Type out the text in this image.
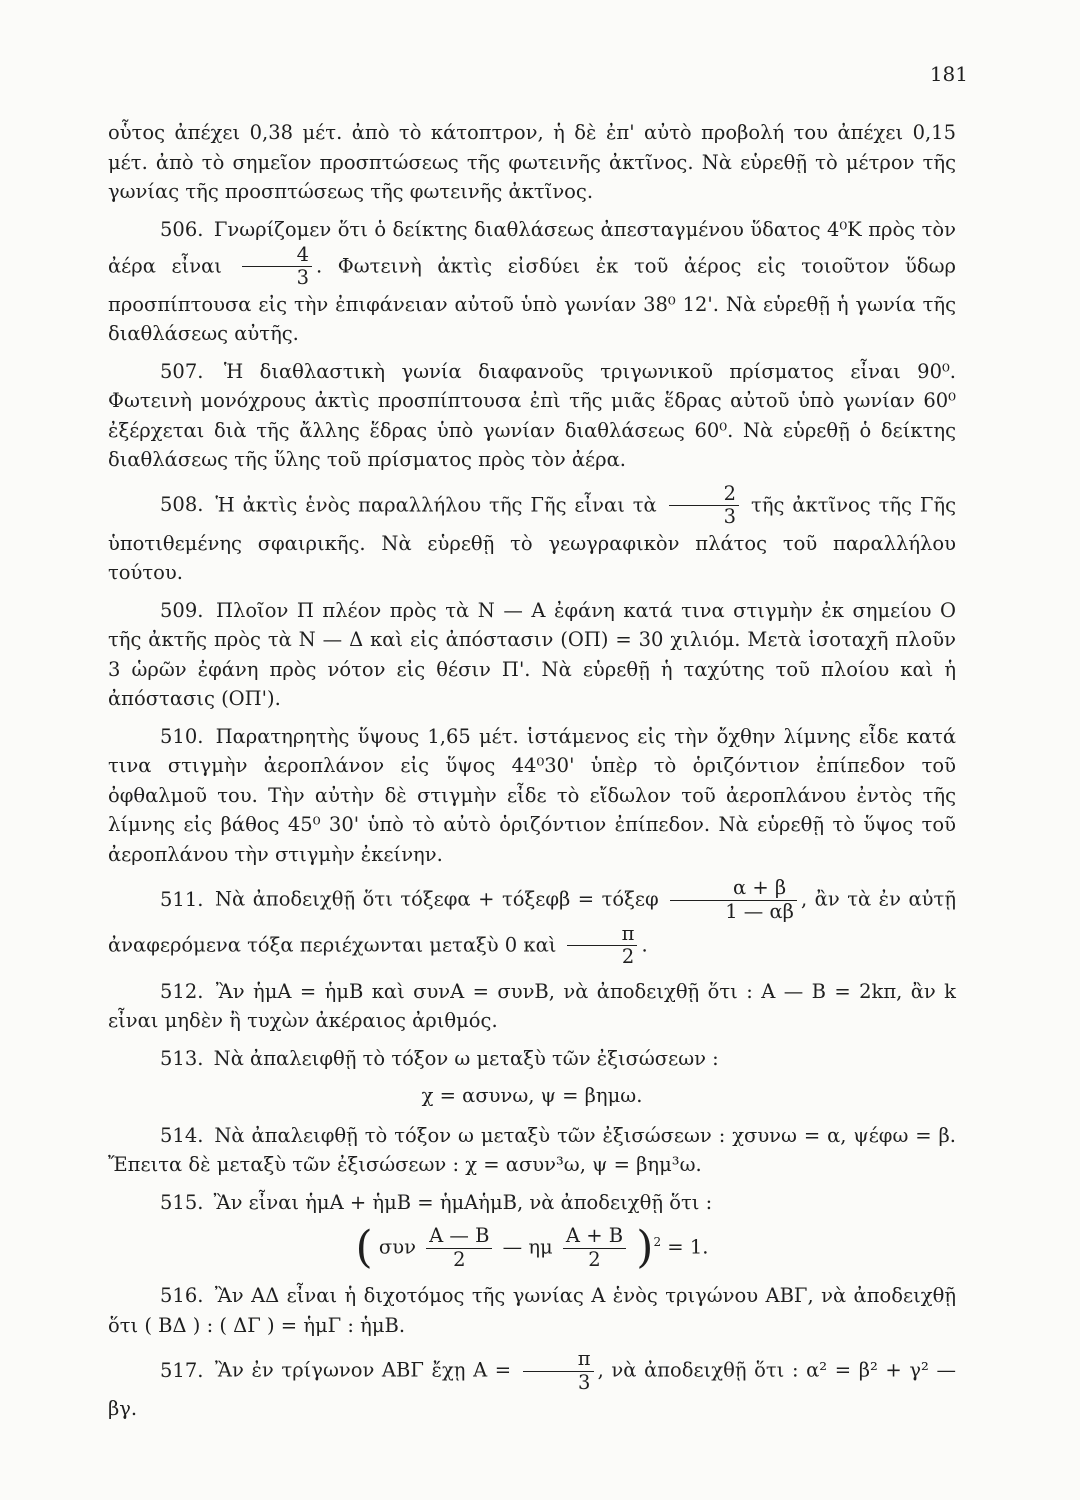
181

οὗτος ἀπέχει 0,38 μέτ. ἀπὸ τὸ κάτοπτρον, ἡ δὲ ἐπ' αὐτὸ προβολή του ἀπέχει 0,15 μέτ. ἀπὸ τὸ σημεῖον προσπτώσεως τῆς φωτεινῆς ἀκτῖνος. Νὰ εὑρεθῇ τὸ μέτρον τῆς γωνίας τῆς προσπτώσεως τῆς φωτεινῆς ἀκτῖνος.

506. Γνωρίζομεν ὅτι ὁ δείκτης διαθλάσεως ἀπεσταγμένου ὕδατος 4⁰Κ πρὸς τὸν ἀέρα εἶναι $\frac{4}{3}$ . Φωτεινὴ ἀκτὶς εἰσδύει ἐκ τοῦ ἀέρος εἰς τοιοῦτον ὕδωρ προσπίπτουσα εἰς τὴν ἐπιφάνειαν αὐτοῦ ὑπὸ γωνίαν 38⁰ 12'. Νὰ εὑρεθῇ ἡ γωνία τῆς διαθλάσεως αὐτῆς.

507. Ἡ διαθλαστικὴ γωνία διαφανοῦς τριγωνικοῦ πρίσματος εἶναι 90⁰. Φωτεινὴ μονόχρους ἀκτὶς προσπίπτουσα ἐπὶ τῆς μιᾶς ἕδρας αὐτοῦ ὑπὸ γωνίαν 60⁰ ἐξέρχεται διὰ τῆς ἄλλης ἕδρας ὑπὸ γωνίαν διαθλάσεως 60⁰. Νὰ εὑρεθῇ ὁ δείκτης διαθλάσεως τῆς ὕλης τοῦ πρίσματος πρὸς τὸν ἀέρα.

508. Ἡ ἀκτὶς ἑνὸς παραλλήλου τῆς Γῆς εἶναι τὰ $\frac{2}{3}$ τῆς ἀκτῖνος τῆς Γῆς ὑποτιθεμένης σφαιρικῆς. Νὰ εὑρεθῇ τὸ γεωγραφικὸν πλάτος τοῦ παραλλήλου τούτου.

509. Πλοῖον Π πλέον πρὸς τὰ Ν — Α ἐφάνη κατά τινα στιγμὴν ἐκ σημείου Ο τῆς ἀκτῆς πρὸς τὰ Ν — Δ καὶ εἰς ἀπόστασιν (ΟΠ) = 30 χιλιόμ. Μετὰ ἰσοταχῆ πλοῦν 3 ὡρῶν ἐφάνη πρὸς νότον εἰς θέσιν Π'. Νὰ εὑρεθῇ ἡ ταχύτης τοῦ πλοίου καὶ ἡ ἀπόστασις (ΟΠ').

510. Παρατηρητὴς ὕψους 1,65 μέτ. ἱστάμενος εἰς τὴν ὄχθην λίμνης εἶδε κατά τινα στιγμὴν ἀεροπλάνον εἰς ὕψος 44⁰30' ὑπὲρ τὸ ὁριζόντιον ἐπίπεδον τοῦ ὀφθαλμοῦ του. Τὴν αὐτὴν δὲ στιγμὴν εἶδε τὸ εἴδωλον τοῦ ἀεροπλάνου ἐντὸς τῆς λίμνης εἰς βάθος 45⁰ 30' ὑπὸ τὸ αὐτὸ ὁριζόντιον ἐπίπεδον. Νὰ εὑρεθῇ τὸ ὕψος τοῦ ἀεροπλάνου τὴν στιγμὴν ἐκείνην.

511. Νὰ ἀποδειχθῇ ὅτι τόξεφα + τόξεφβ = τόξεφ $\frac{\alpha + \beta}{1 — \alpha\beta}$ , ἂν τὰ ἐν αὐτῇ ἀναφερόμενα τόξα περιέχωνται μεταξὺ 0 καὶ $\frac{\pi}{2}$ .

512. Ἂν ἡμΑ = ἡμΒ καὶ συνΑ = συνΒ, νὰ ἀποδειχθῇ ὅτι : Α — Β = 2kπ, ἂν k εἶναι μηδὲν ἢ τυχὼν ἀκέραιος ἀριθμός.

513. Νὰ ἀπαλειφθῇ τὸ τόξον ω μεταξὺ τῶν ἐξισώσεων :

χ = ασυνω, ψ = βημω.

514. Νὰ ἀπαλειφθῇ τὸ τόξον ω μεταξὺ τῶν ἐξισώσεων : χσυνω = α, ψέφω = β. Ἔπειτα δὲ μεταξὺ τῶν ἐξισώσεων : χ = ασυν³ω, ψ = βημ³ω.

515. Ἂν εἶναι ἡμΑ + ἡμΒ = ἡμΑἡμΒ, νὰ ἀποδειχθῇ ὅτι :

( συν $\frac{A — B}{2}$ — ημ $\frac{A + B}{2} )^2 = 1$.

516. Ἂν ΑΔ εἶναι ἡ διχοτόμος τῆς γωνίας Α ἑνὸς τριγώνου ΑΒΓ, νὰ ἀποδειχθῇ ὅτι ( ΒΔ ) : ( ΔΓ ) = ἡμΓ : ἡμΒ.

517. Ἂν ἐν τρίγωνον ΑΒΓ ἔχῃ $A = \frac{\pi}{3}$ , νὰ ἀποδειχθῇ ὅτι : α² = β² + γ² — βγ.
